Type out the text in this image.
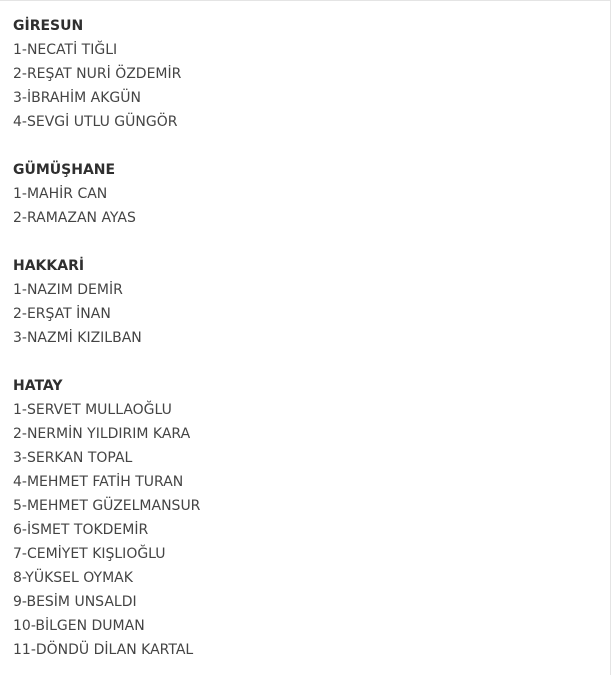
GİRESUN
1-NECATİ TIĞLI
2-REŞAT NURİ ÖZDEMİR
3-İBRAHİM AKGÜN
4-SEVGİ UTLU GÜNGÖR
GÜMÜŞHANE
1-MAHİR CAN
2-RAMAZAN AYAS
HAKKARİ
1-NAZIM DEMİR
2-ERŞAT İNAN
3-NAZMİ KIZILBAN
HATAY
1-SERVET MULLAOĞLU
2-NERMİN YILDIRIM KARA
3-SERKAN TOPAL
4-MEHMET FATİH TURAN
5-MEHMET GÜZELMANSUR
6-İSMET TOKDEMİR
7-CEMİYET KIŞLIOĞLU
8-YÜKSEL OYMAK
9-BESİM UNSALDI
10-BİLGEN DUMAN
11-DÖNDÜ DİLAN KARTAL
